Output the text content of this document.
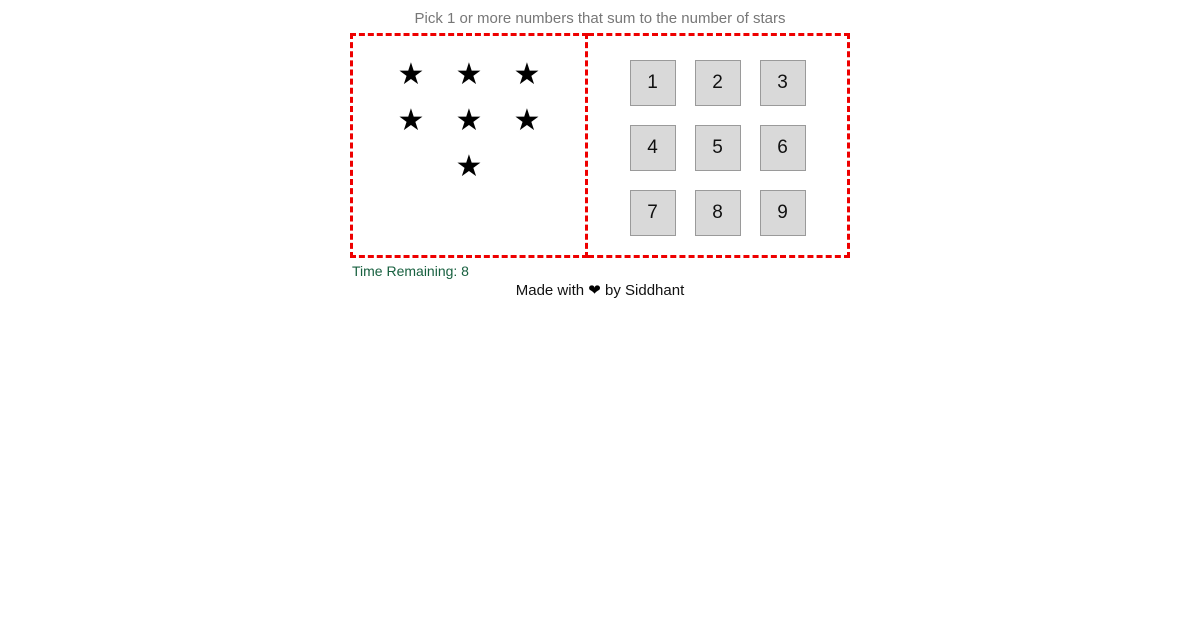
Pick 1 or more numbers that sum to the number of stars
★	★	★
★	★	★
★
1	2	3
4	5	6
7	8	9
Time Remaining: 8
Made with ❤ by Siddhant
